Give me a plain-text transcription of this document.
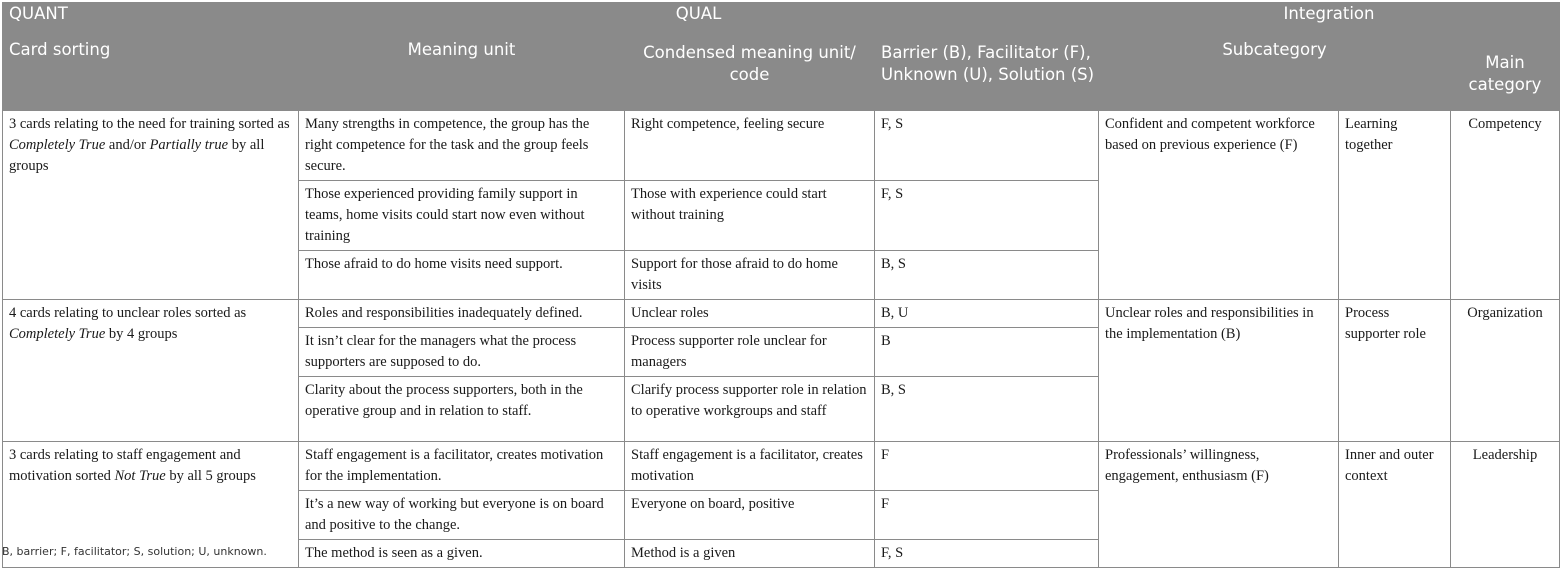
QUANT	QUAL			Integration		
Card sorting	Meaning unit	Condensed meaning unit/ code	Barrier (B), Facilitator (F), Unknown (U), Solution (S)	Subcategory		Main category
3 cards relating to the need for training sorted as Completely True and/or Partially true by all groups	Many strengths in competence, the group has the right competence for the task and the group feels secure.	Right competence, feeling secure	F, S	Confident and competent workforce based on previous experience (F)	Learning together	Competency
	Those experienced providing family support in teams, home visits could start now even without training	Those with experience could start without training	F, S			
	Those afraid to do home visits need support.	Support for those afraid to do home visits	B, S			
4 cards relating to unclear roles sorted as Completely True by 4 groups	Roles and responsibilities inadequately defined.	Unclear roles	B, U	Unclear roles and responsibilities in the implementation (B)	Process supporter role	Organization
	It isn’t clear for the managers what the process supporters are supposed to do.	Process supporter role unclear for managers	B			
	Clarity about the process supporters, both in the operative group and in relation to staff.	Clarify process supporter role in relation to operative workgroups and staff	B, S			
3 cards relating to staff engagement and motivation sorted Not True by all 5 groups	Staff engagement is a facilitator, creates motivation for the implementation.	Staff engagement is a facilitator, creates motivation	F	Professionals’ willingness, engagement, enthusiasm (F)	Inner and outer context	Leadership
	It’s a new way of working but everyone is on board and positive to the change.	Everyone on board, positive	F			
	The method is seen as a given.	Method is a given	F, S			
B, barrier; F, facilitator; S, solution; U, unknown.
